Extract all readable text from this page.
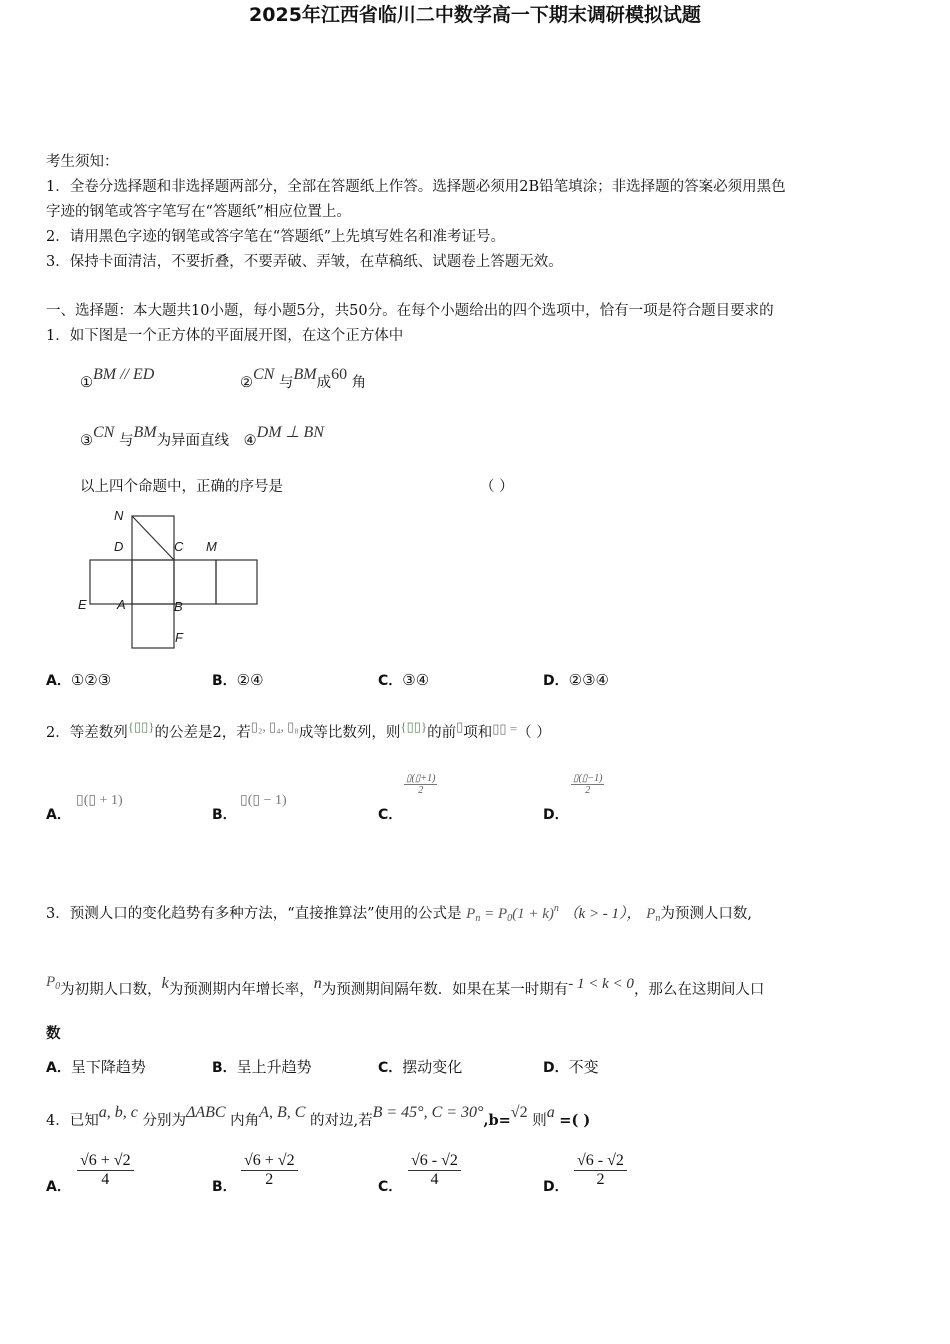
2025年江西省临川二中数学高一下期末调研模拟试题
考生须知：
1．全卷分选择题和非选择题两部分，全部在答题纸上作答。选择题必须用2B铅笔填涂；非选择题的答案必须用黑色
字迹的钢笔或答字笔写在“答题纸”相应位置上。
2．请用黑色字迹的钢笔或答字笔在“答题纸”上先填写姓名和准考证号。
3．保持卡面清洁，不要折叠，不要弄破、弄皱，在草稿纸、试题卷上答题无效。
一、选择题：本大题共10小题，每小题5分，共50分。在每个小题给出的四个选项中，恰有一项是符合题目要求的
1．如下图是一个正方体的平面展开图，在这个正方体中
①BM // ED	②CN 与BM成60 角
③CN 与BM为异面直线 ④DM ⊥ BN
以上四个命题中，正确的序号是	（ ）
N
D	C M
E A	B
F
A．①②③	B．②④	C．③④	D．②③④
2．等差数列{▯▯}的公差是2，若▯₂, ▯₄, ▯₈成等比数列，则{▯▯}的前▯项和▯▯ =（ ）
A．
▯(▯ + 1)
B．
▯(▯ − 1)
C．
$\frac{▯(▯+1)}{2}$
D．
$\frac{▯(▯-1)}{2}$
3．预测人口的变化趋势有多种方法，“直接推算法”使用的公式是 $P_n = P_0(1 + k)^n$ （k > - 1）， $P_n$为预测人口数,
$P_0$为初期人口数，k为预测期内年增长率，n为预测期间隔年数．如果在某一时期有- 1 < k < 0，那么在这期间人口
数
A．呈下降趋势	B．呈上升趋势	C．摆动变化	D．不变
4．已知a, b, c 分别为ΔABC 内角A, B, C 的对边,若B = 45°, C = 30°,b=√2 则a =( )
A． $\frac{√6 + √2}{4}$	B． $\frac{√6 + √2}{2}$	C． $\frac{√6 - √2}{4}$	D． $\frac{√6 - √2}{2}$
